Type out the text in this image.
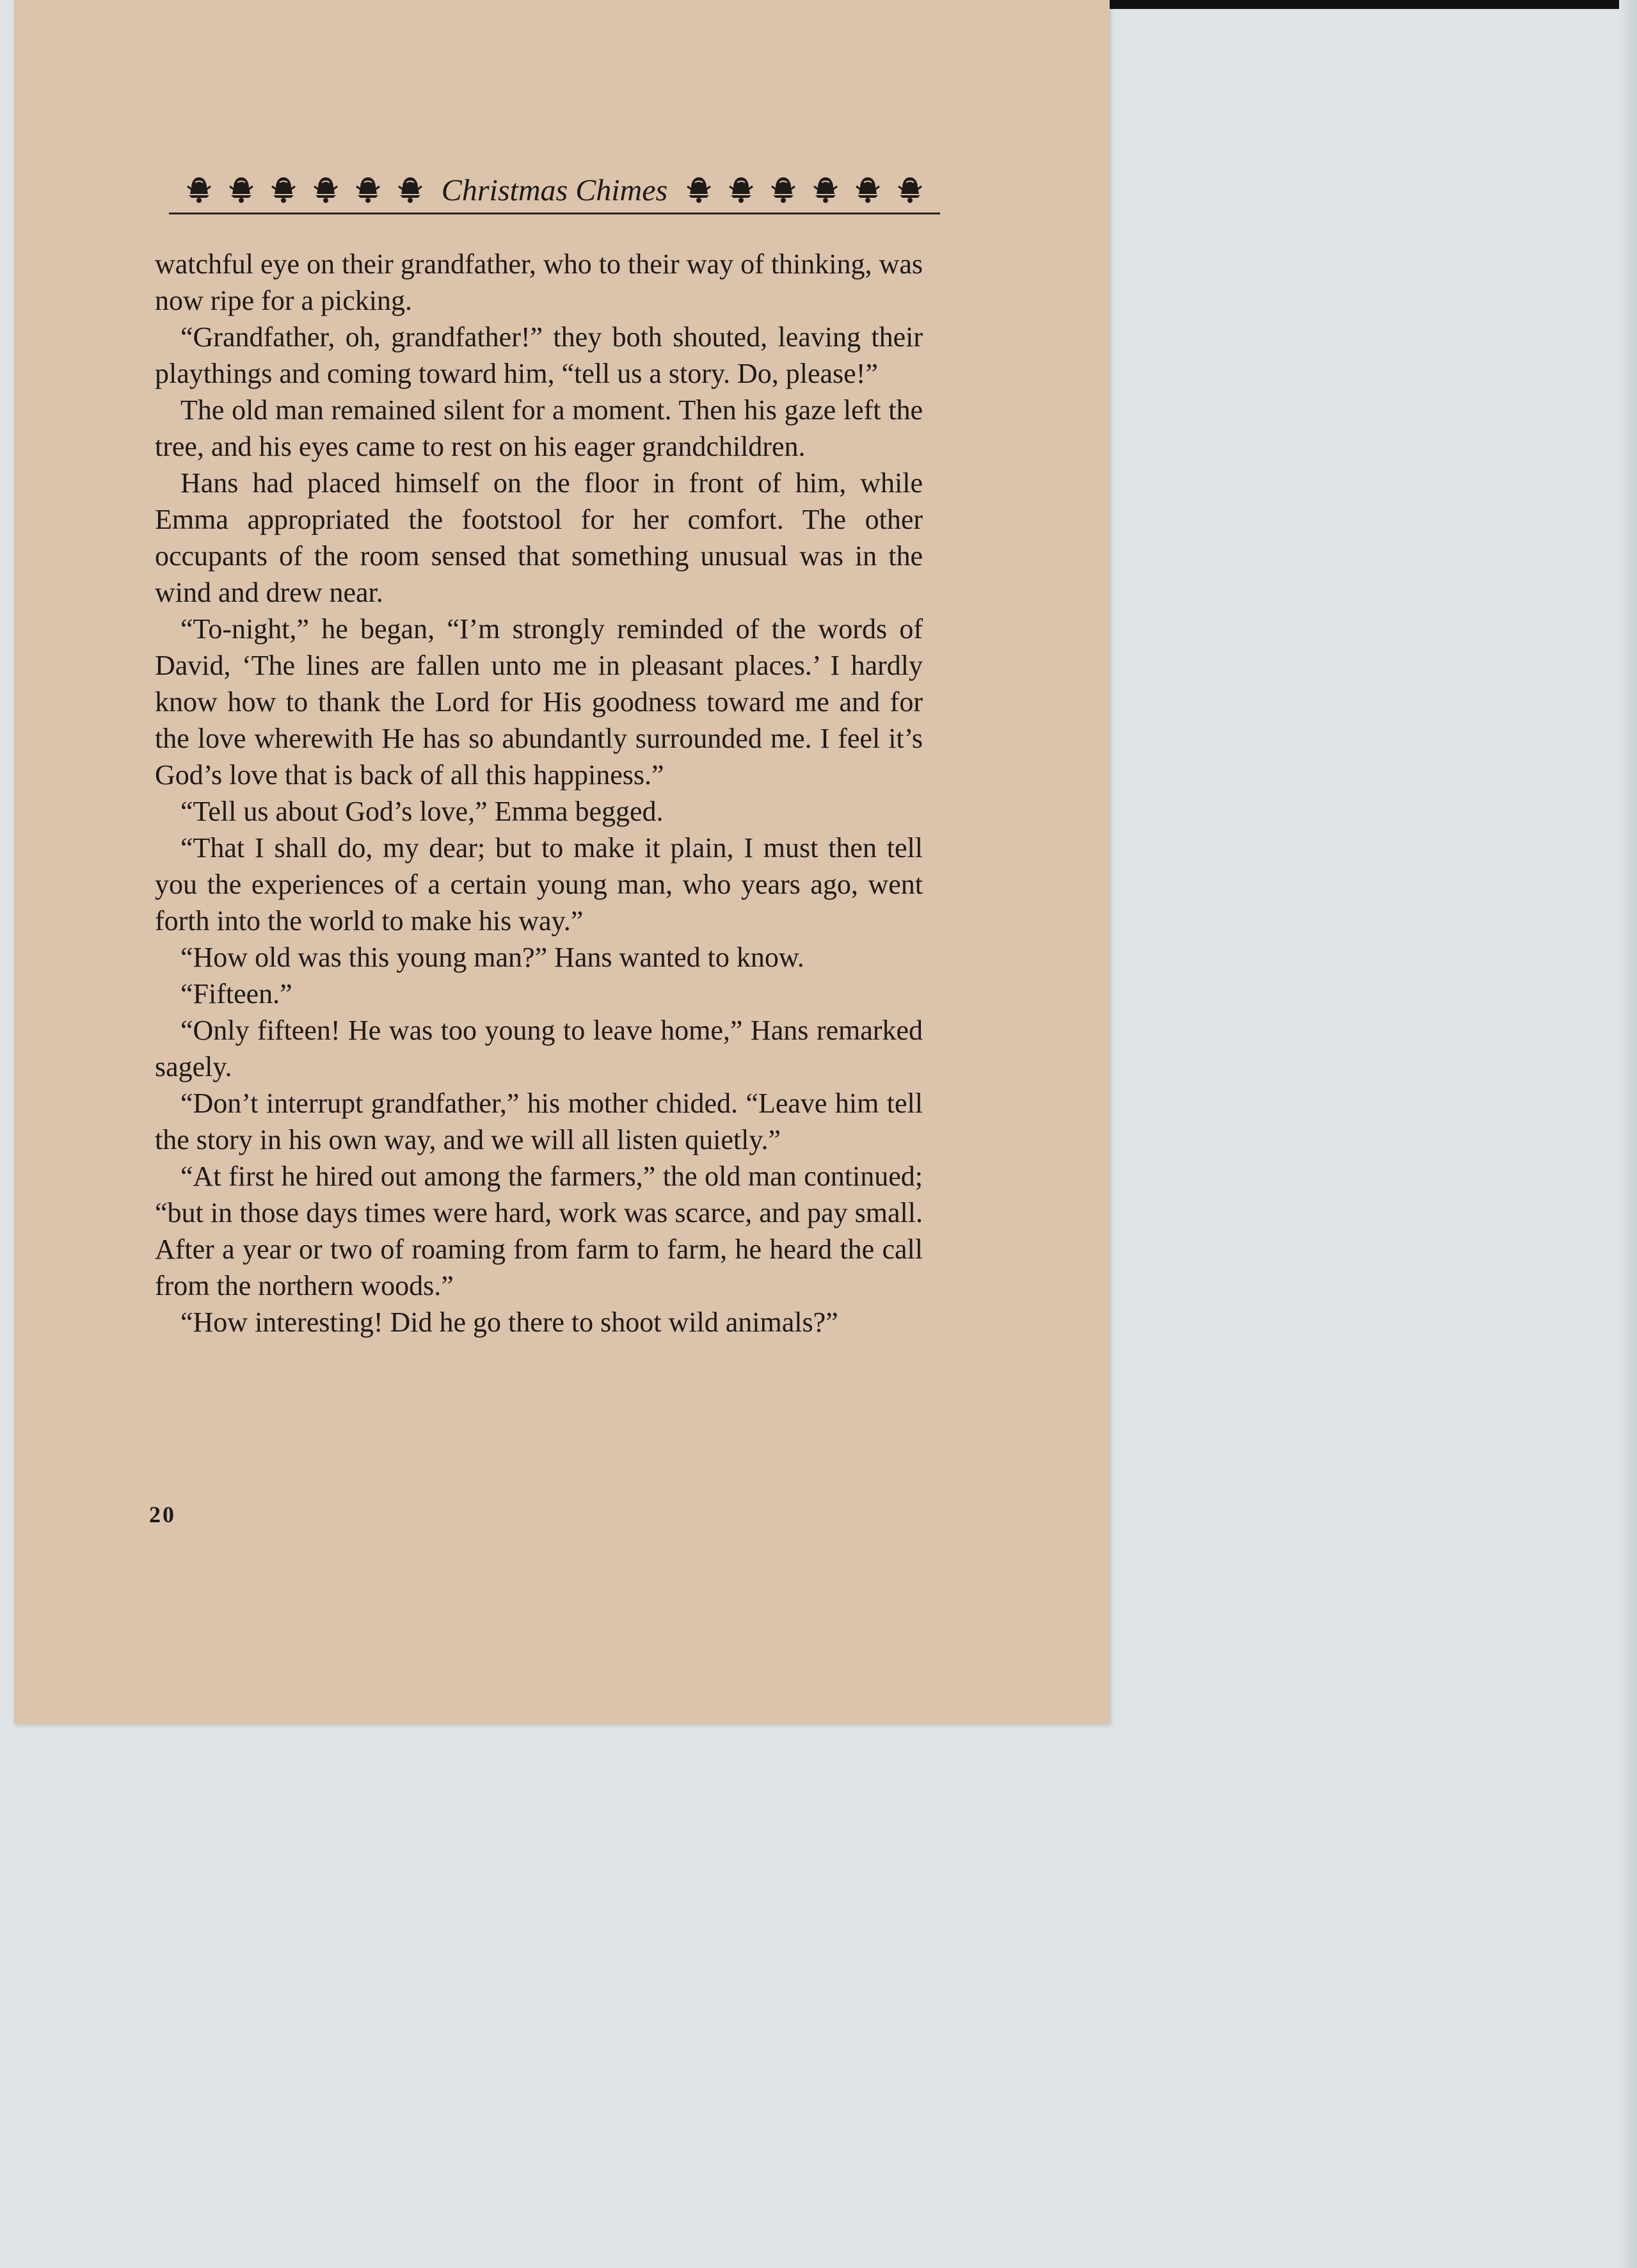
Christmas Chimes

watchful eye on their grandfather, who to their way of thinking, was now ripe for a picking.

“Grandfather, oh, grandfather!” they both shouted, leaving their playthings and coming toward him, “tell us a story. Do, please!”

The old man remained silent for a moment. Then his gaze left the tree, and his eyes came to rest on his eager grandchildren.

Hans had placed himself on the floor in front of him, while Emma appropriated the footstool for her comfort. The other occupants of the room sensed that something unusual was in the wind and drew near.

“To-night,” he began, “I’m strongly reminded of the words of David, ‘The lines are fallen unto me in pleasant places.’ I hardly know how to thank the Lord for His goodness toward me and for the love wherewith He has so abundantly surrounded me. I feel it’s God’s love that is back of all this happiness.”

“Tell us about God’s love,” Emma begged.

“That I shall do, my dear; but to make it plain, I must then tell you the experiences of a certain young man, who years ago, went forth into the world to make his way.”

“How old was this young man?” Hans wanted to know.

“Fifteen.”

“Only fifteen! He was too young to leave home,” Hans remarked sagely.

“Don’t interrupt grandfather,” his mother chided. “Leave him tell the story in his own way, and we will all listen quietly.”

“At first he hired out among the farmers,” the old man continued; “but in those days times were hard, work was scarce, and pay small. After a year or two of roaming from farm to farm, he heard the call from the northern woods.”

“How interesting! Did he go there to shoot wild animals?”

20
